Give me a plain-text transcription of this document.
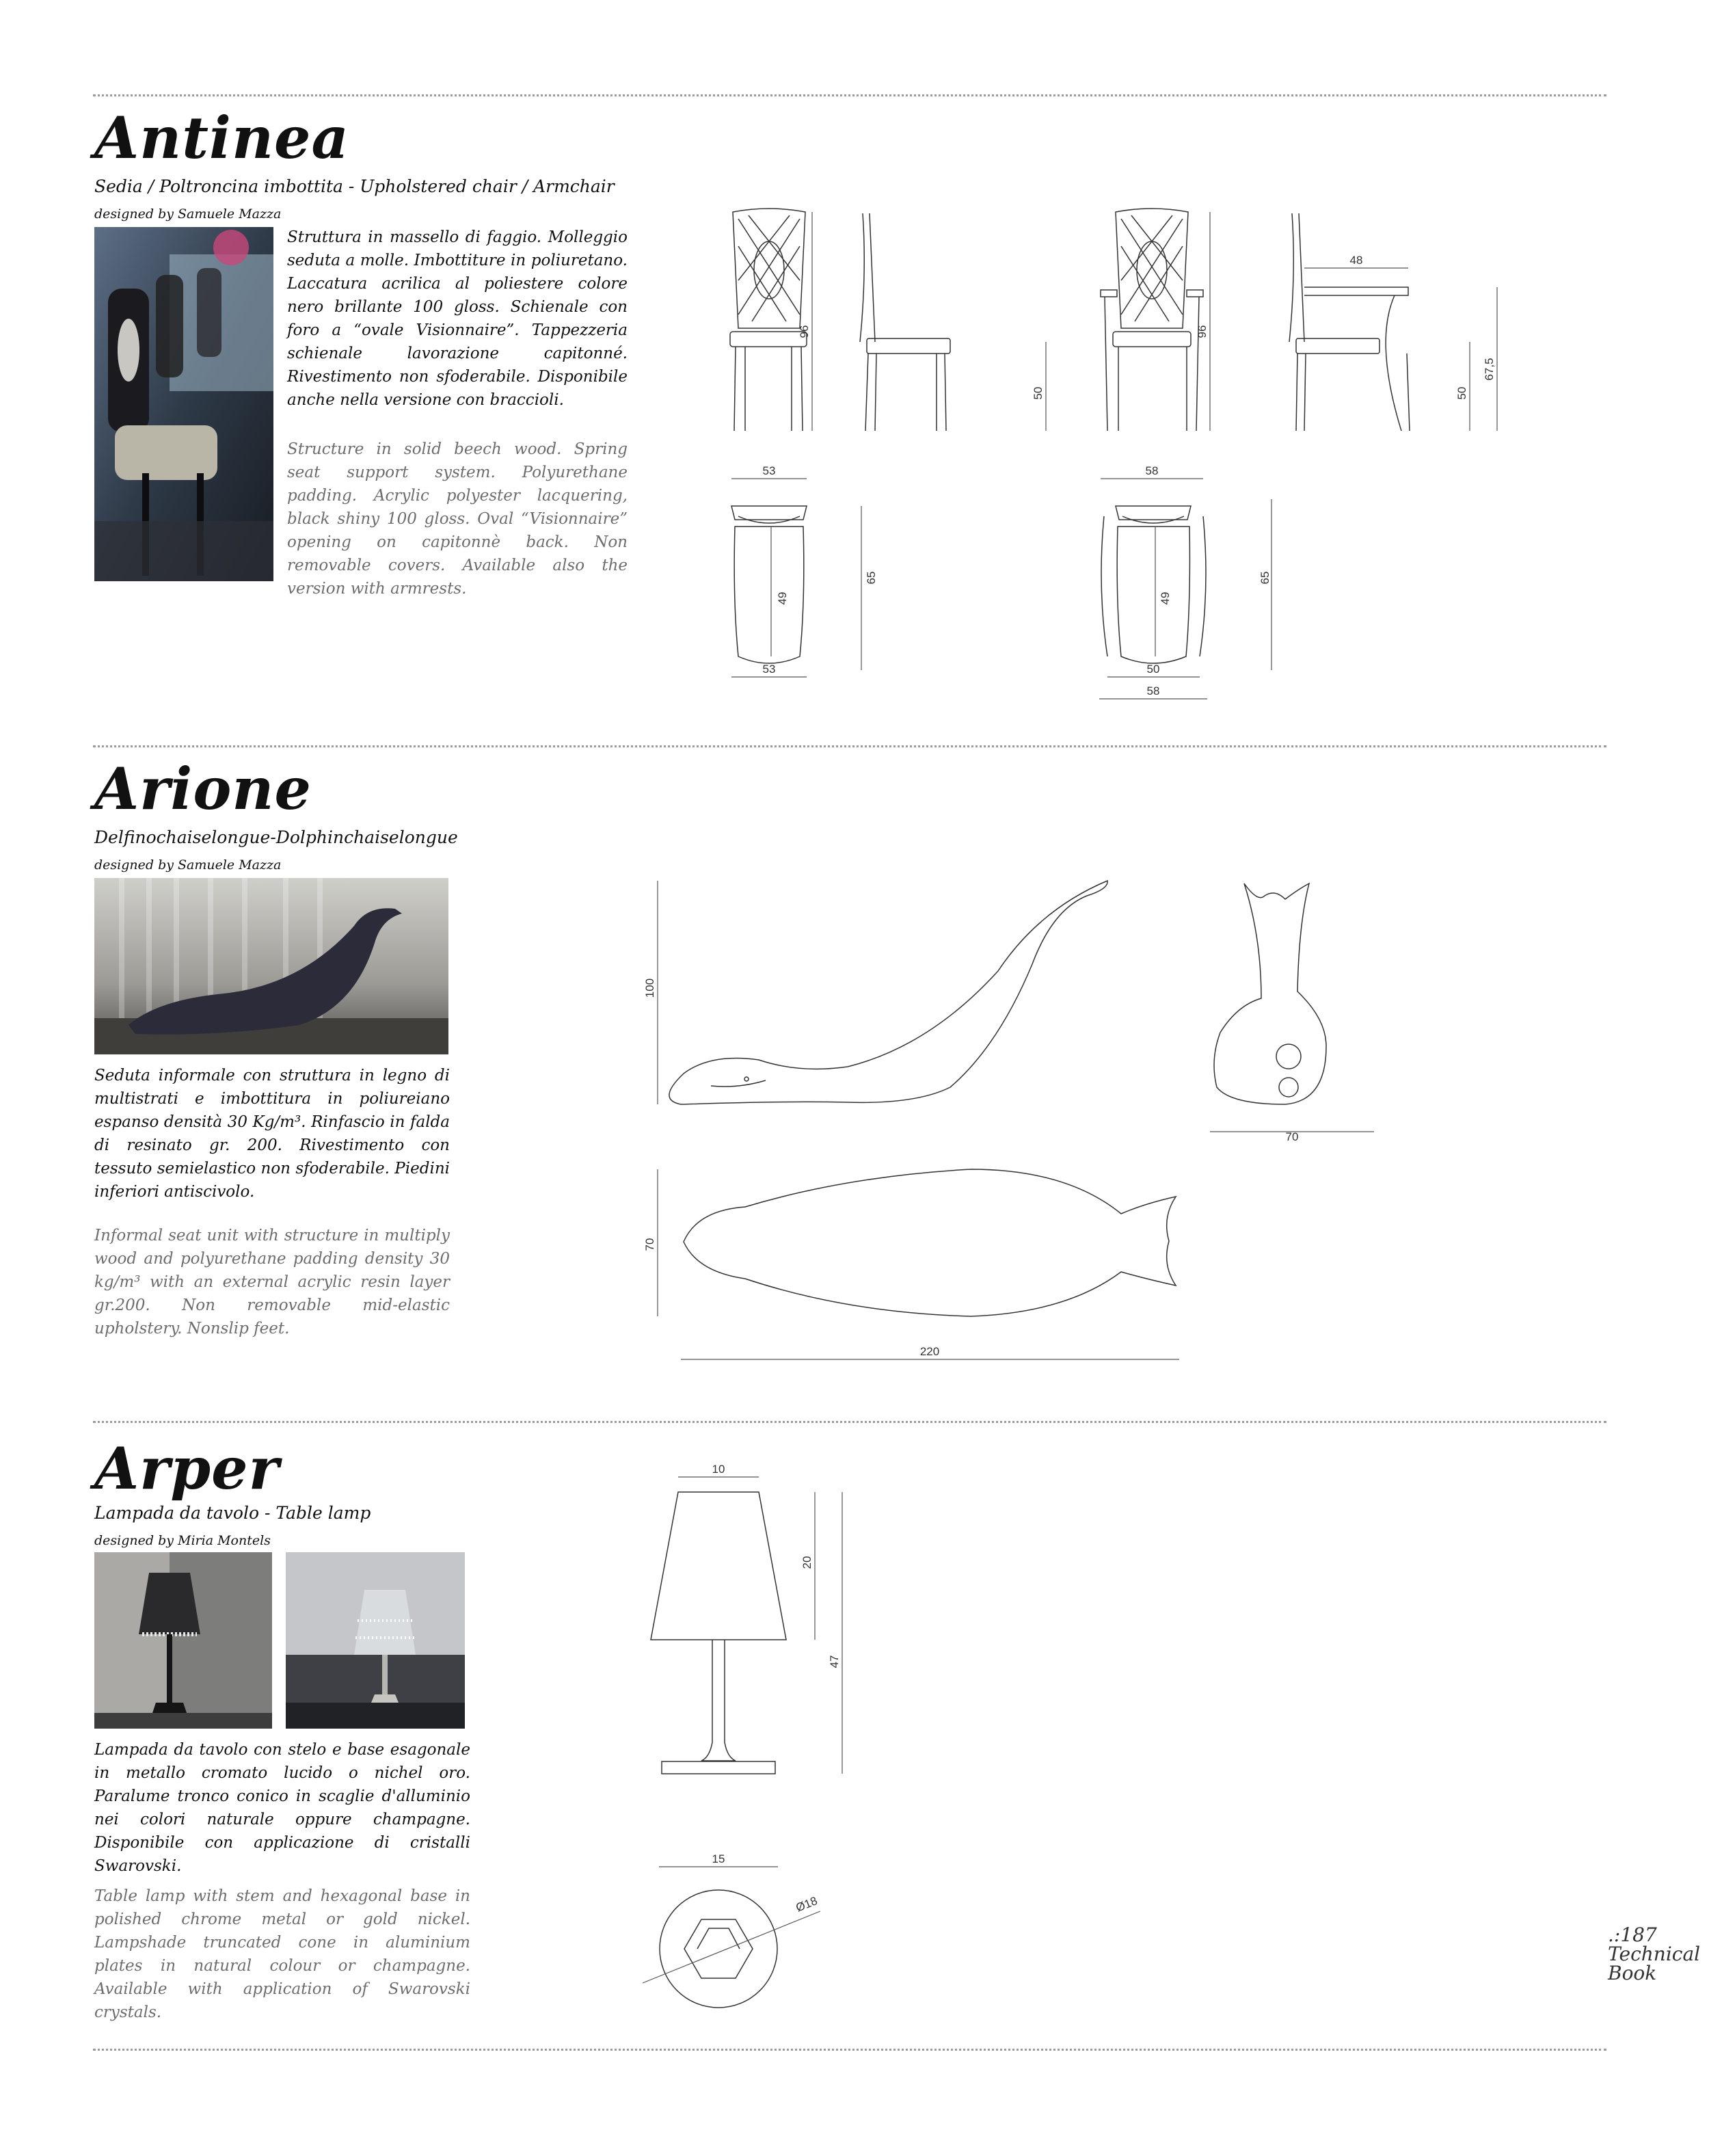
Antinea
Sedia / Poltroncina imbottita - Upholstered chair / Armchair
designed by Samuele Mazza

Struttura in massello di faggio. Molleggio seduta a molle. Imbottiture in poliuretano. Laccatura acrilica al poliestere colore nero brillante 100 gloss. Schienale con foro a “ovale Visionnaire”. Tappezzeria schienale lavorazione capitonné. Rivestimento non sfoderabile. Disponibile anche nella versione con braccioli.

Structure in solid beech wood. Spring seat support system. Polyurethane padding. Acrylic polyester lacquering, black shiny 100 gloss. Oval “Visionnaire” opening on capitonnè back. Non removable covers. Available also the version with armrests.

53
96
50
58
96
48
50
67,5
49
65
53
49
65
50
58
Arione
Delfinochaiselongue-Dolphinchaiselongue
designed by Samuele Mazza

Seduta informale con struttura in legno di multistrati e imbottitura in poliureiano espanso densità 30 Kg/m³. Rinfascio in falda di resinato gr. 200. Rivestimento con tessuto semielastico non sfoderabile. Piedini inferiori antiscivolo.

Informal seat unit with structure in multiply wood and polyurethane padding density 30 kg/m³ with an external acrylic resin layer gr.200. Non removable mid-elastic upholstery. Nonslip feet.

100
70
70
220
Arper
Lampada da tavolo - Table lamp
designed by Miria Montels

Lampada da tavolo con stelo e base esagonale in metallo cromato lucido o nichel oro. Paralume tronco conico in scaglie d'alluminio nei colori naturale oppure champagne. Disponibile con applicazione di cristalli Swarovski.

Table lamp with stem and hexagonal base in polished chrome metal or gold nickel. Lampshade truncated cone in aluminium plates in natural colour or champagne. Available with application of Swarovski crystals.

10
20
47
15
Ø18
.:187
Technical
Book
